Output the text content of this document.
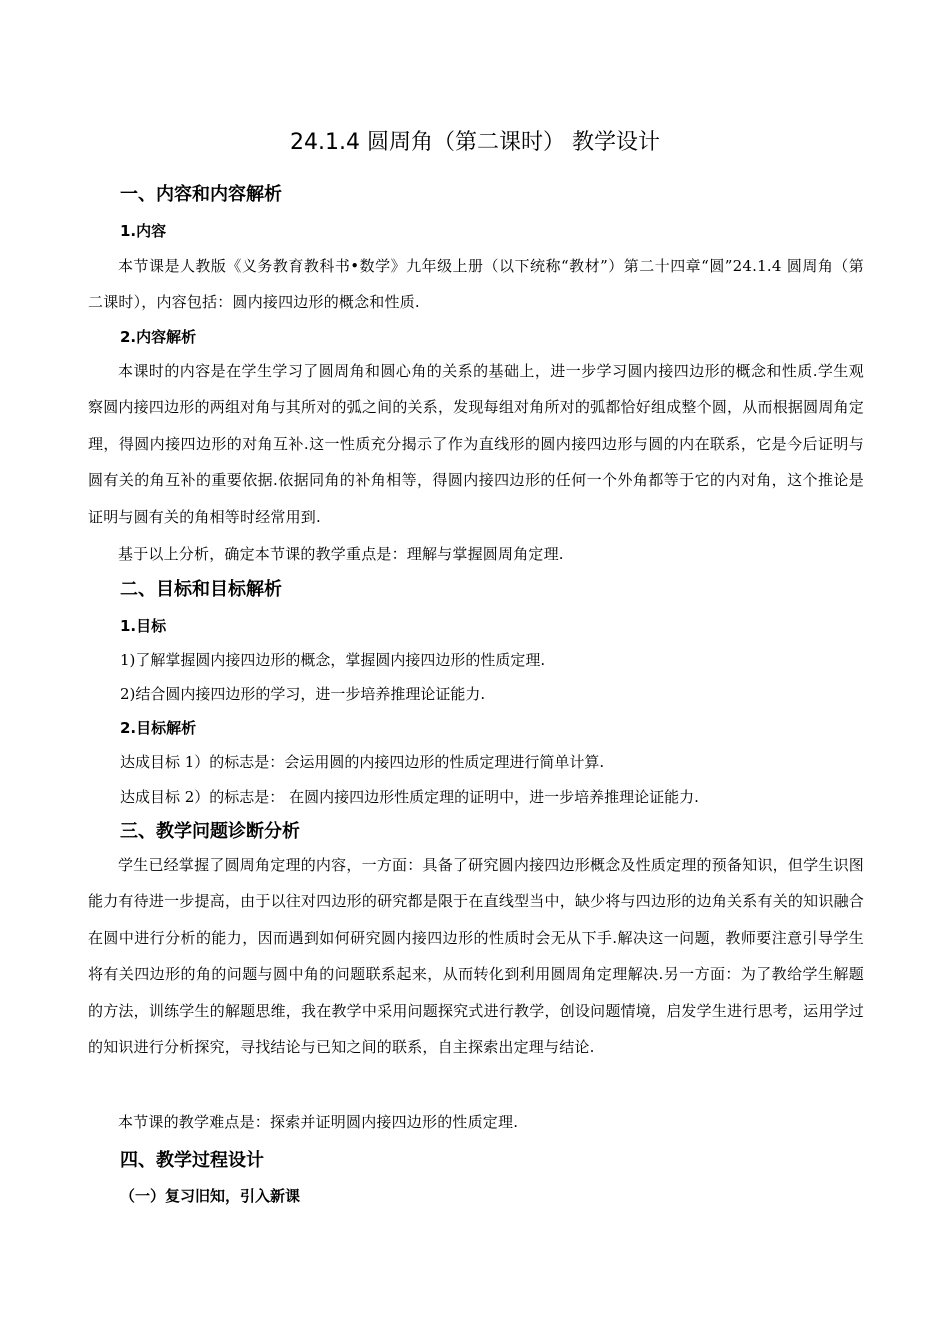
24.1.4 圆周角（第二课时） 教学设计
一、内容和内容解析
1.内容
本节课是人教版《义务教育教科书•数学》九年级上册（以下统称“教材”）第二十四章“圆”24.1.4 圆周角（第二课时），内容包括：圆内接四边形的概念和性质.
2.内容解析
本课时的内容是在学生学习了圆周角和圆心角的关系的基础上，进一步学习圆内接四边形的概念和性质.学生观察圆内接四边形的两组对角与其所对的弧之间的关系，发现每组对角所对的弧都恰好组成整个圆，从而根据圆周角定理，得圆内接四边形的对角互补.这一性质充分揭示了作为直线形的圆内接四边形与圆的内在联系，它是今后证明与圆有关的角互补的重要依据.依据同角的补角相等，得圆内接四边形的任何一个外角都等于它的内对角，这个推论是证明与圆有关的角相等时经常用到.
基于以上分析，确定本节课的教学重点是：理解与掌握圆周角定理.
二、目标和目标解析
1.目标
1)了解掌握圆内接四边形的概念，掌握圆内接四边形的性质定理.
2)结合圆内接四边形的学习，进一步培养推理论证能力.
2.目标解析
达成目标 1）的标志是：会运用圆的内接四边形的性质定理进行简单计算.
达成目标 2）的标志是： 在圆内接四边形性质定理的证明中，进一步培养推理论证能力.
三、教学问题诊断分析
学生已经掌握了圆周角定理的内容，一方面：具备了研究圆内接四边形概念及性质定理的预备知识，但学生识图能力有待进一步提高，由于以往对四边形的研究都是限于在直线型当中，缺少将与四边形的边角关系有关的知识融合在圆中进行分析的能力，因而遇到如何研究圆内接四边形的性质时会无从下手.解决这一问题，教师要注意引导学生将有关四边形的角的问题与圆中角的问题联系起来，从而转化到利用圆周角定理解决.另一方面：为了教给学生解题的方法，训练学生的解题思维，我在教学中采用问题探究式进行教学，创设问题情境，启发学生进行思考，运用学过的知识进行分析探究，寻找结论与已知之间的联系，自主探索出定理与结论.
本节课的教学难点是：探索并证明圆内接四边形的性质定理.
四、教学过程设计
（一）复习旧知，引入新课
